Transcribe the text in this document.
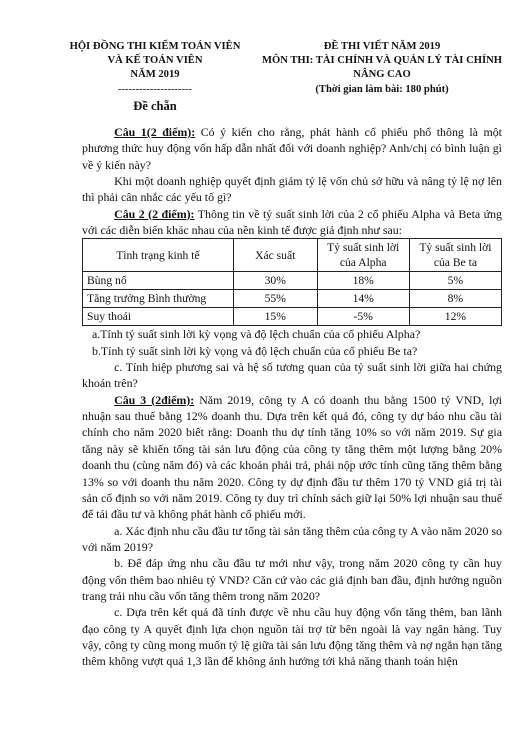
HỘI ĐỒNG THI KIỂM TOÁN VIÊN
VÀ KẾ TOÁN VIÊN
NĂM 2019
---------------------
Đề chẵn
ĐỀ THI VIẾT NĂM 2019
MÔN THI: TÀI CHÍNH VÀ QUẢN LÝ TÀI CHÍNH
NÂNG CAO
(Thời gian làm bài: 180 phút)

Câu 1(2 điểm): Có ý kiến cho rằng, phát hành cổ phiếu phổ thông là một phương thức huy động vốn hấp dẫn nhất đối với doanh nghiệp? Anh/chị có bình luận gì về ý kiến này?

Khi một doanh nghiệp quyết định giảm tỷ lệ vốn chủ sở hữu và nâng tỷ lệ nợ lên thì phải cân nhắc các yếu tố gì?

Câu 2 (2 điểm): Thông tin về tỷ suất sinh lời của 2 cổ phiếu Alpha và Beta ứng với các diễn biến khác nhau của nền kinh tế được giả định như sau:

Tình trạng kinh tế	Xác suất	Tỷ suất sinh lời của Alpha	Tỷ suất sinh lời của Be ta
Bùng nổ	30%	18%	5%
Tăng trưởng Bình thường	55%	14%	8%
Suy thoái	15%	-5%	12%

a.Tính tỷ suất sinh lời kỳ vọng và độ lệch chuẩn của cổ phiếu Alpha?

b.Tính tỷ suất sinh lời kỳ vọng và độ lệch chuẩn của cổ phiếu Be ta?

c. Tính hiệp phương sai và hệ số tương quan của tỷ suất sinh lời giữa hai chứng khoán trên?

Câu 3 (2điểm): Năm 2019, công ty A có doanh thu bằng 1500 tỷ VND, lợi nhuận sau thuế bằng 12% doanh thu. Dựa trên kết quả đó, công ty dự báo nhu cầu tài chính cho năm 2020 biết rằng: Doanh thu dự tính tăng 10% so với năm 2019. Sự gia tăng này sẽ khiến tổng tài sản lưu động của công ty tăng thêm một lượng bằng 20% doanh thu (cùng năm đó) và các khoản phải trả, phải nộp ước tính cũng tăng thêm bằng 13% so với doanh thu năm 2020. Công ty dự định đầu tư thêm 170 tỷ VND giá trị tài sản cố định so với năm 2019. Công ty duy trì chính sách giữ lại 50% lợi nhuận sau thuế để tái đầu tư và không phát hành cổ phiếu mới.

a. Xác định nhu cầu đầu tư tổng tài sản tăng thêm của công ty A vào năm 2020 so với năm 2019?

b. Để đáp ứng nhu cầu đầu tư mới như vậy, trong năm 2020 công ty cần huy động vốn thêm bao nhiêu tỷ VND? Căn cứ vào các giả định ban đầu, định hướng nguồn trang trải nhu cầu vốn tăng thêm trong năm 2020?

c. Dựa trên kết quả đã tính được về nhu cầu huy động vốn tăng thêm, ban lãnh đạo công ty A quyết định lựa chọn nguồn tài trợ từ bên ngoài là vay ngân hàng. Tuy vậy, công ty cũng mong muốn tỷ lệ giữa tài sản lưu động tăng thêm và nợ ngắn hạn tăng thêm không vượt quá 1,3 lần để không ảnh hưởng tới khả năng thanh toán hiện
